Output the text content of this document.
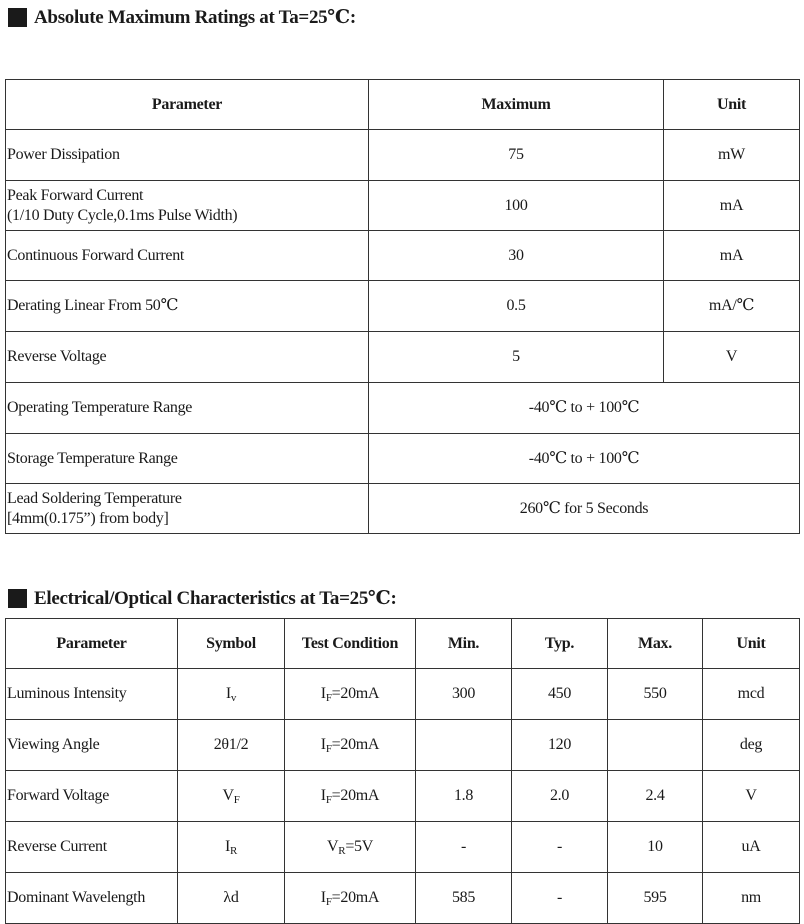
Absolute Maximum Ratings at Ta=25℃:
Parameter	Maximum	Unit
Power Dissipation	75	mW

Peak Forward Current
(1/10 Duty Cycle,0.1ms Pulse Width)	100	mA
Continuous Forward Current	30	mA
Derating Linear From 50℃	0.5	mA/℃
Reverse Voltage	5	V
Operating Temperature Range	-40℃ to + 100℃	
Storage Temperature Range	-40℃ to + 100℃	

Lead Soldering Temperature
[4mm(0.175”) from body]	260℃ for 5 Seconds	
Electrical/Optical Characteristics at Ta=25℃:
Parameter	Symbol	Test Condition	Min.	Typ.	Max.	Unit
Luminous Intensity	$I_v$	$I_F=20mA$	300	450	550	mcd
Viewing Angle	2θ1/2	$I_F=20mA$		120		deg
Forward Voltage	$V_F$	$I_F=20mA$	1.8	2.0	2.4	V
Reverse Current	$I_R$	$V_R=5V$	-	-	10	uA
Dominant Wavelength	λd	$I_F=20mA$	585	-	595	nm
